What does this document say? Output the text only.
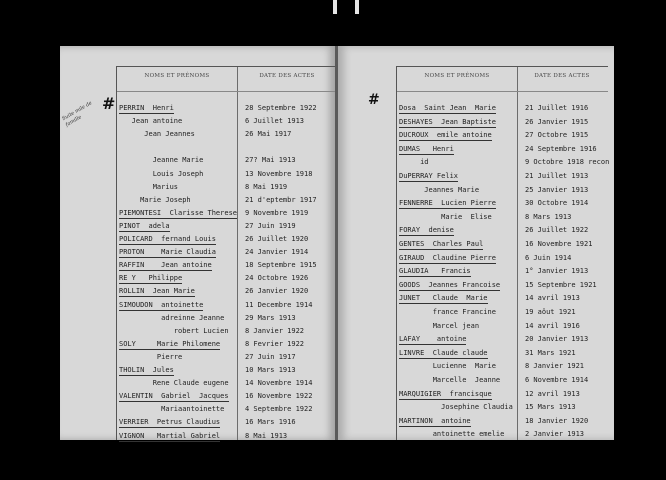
Suite mile de famille
#
NOMS ET PRÉNOMS	DATE DES ACTES
PERRIN  Henri	28 Septembre 1922
Jean antoine	6 Juillet 1913
Jean Jeannes	26 Mai 1917
Jeanne Marie	27? Mai 1913
Louis Joseph	13 Novembre 1918
Marius	8 Mai 1919
Marie Joseph	21 d'eptembr 1917
PIEMONTESI  Clarisse Therese 9 Novembre 1919
PINOT  adela	27 Juin 1919
POLICARD  fernand Louis	26 Juillet 1920
PROTON    Marie Claudia	24 Janvier 1914
RAFFIN    Jean antoine	18 Septembre 1915
RE Y   Philippe	24 Octobre 1926
ROLLIN  Jean Marie	26 Janvier 1920
SIMOUDON  antoinette	11 Decembre 1914
adreinne Jeanne	29 Mars 1913
robert Lucien 8 Janvier 1922
SOLY     Marie Philomene	8 Fevrier 1922
Pierre	27 Juin 1917
THOLIN  Jules	10 Mars 1913
Rene Claude eugene 14 Novembre 1914
VALENTIN  Gabriel  Jacques 16 Novembre 1922
Mariaantoinette	4 Septembre 1922
VERRIER  Petrus Claudius	16 Mars 1916
VIGNON   Martial Gabriel	8 Mai 1913
#
NOMS ET PRÉNOMS	DATE DES ACTES
Dosa  Saint Jean  Marie	21 Juillet 1916
DESHAYES  Jean Baptiste	26 Janvier 1915
DUCROUX  emile antoine	27 Octobre 1915
DUMAS   Henri	24 Septembre 1916
id	9 Octobre 1918 recon
DuPERRAY Felix	21 Juillet 1913
Jeannes Marie	25 Janvier 1913
FENNERRE  Lucien Pierre	30 Octobre 1914
Marie  Elise	8 Mars 1913
FORAY  denise	26 Juillet 1922
GENTES  Charles Paul	16 Novembre 1921
GIRAUD  Claudine Pierre	6 Juin 1914
GLAUDIA   Francis	1° Janvier 1913
GOODS  Jeannes Francoise	15 Septembre 1921
JUNET   Claude  Marie	14 avril 1913
france Francine	19 aôut 1921
Marcel jean	14 avril 1916
LAFAY    antoine	20 Janvier 1913
LINVRE  Claude claude	31 Mars 1921
Lucienne  Marie	8 Janvier 1921
Marcelle  Jeanne	6 Novembre 1914
MARQUIGIER  francisque	12 avril 1913
Josephine Claudia 15 Mars 1913
MARTINON  antoine	18 Janvier 1920
antoinette emelie	2 Janvier 1913
